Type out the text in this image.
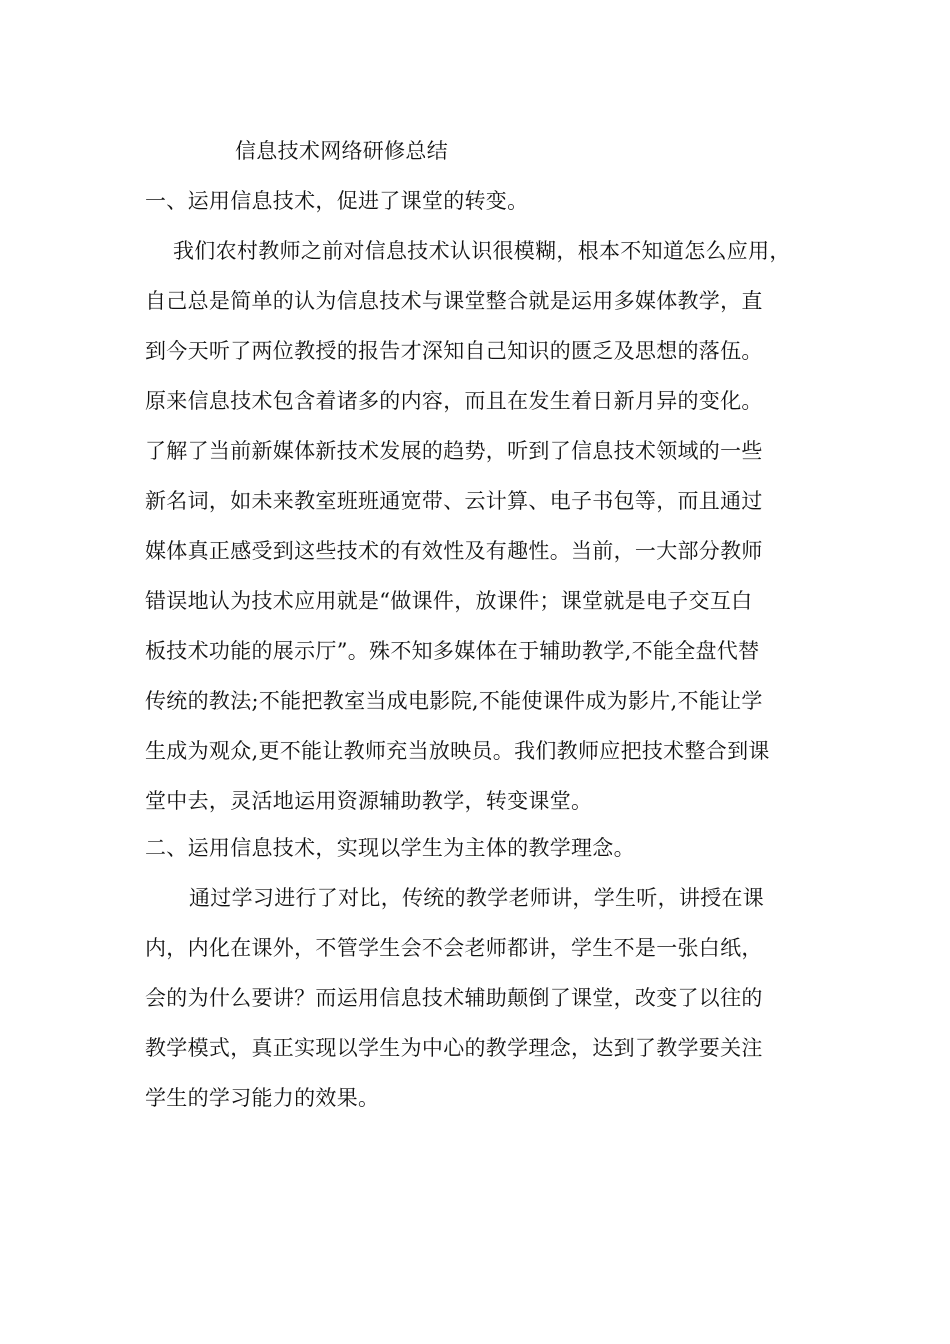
信息技术网络研修总结
一、运用信息技术，促进了课堂的转变。
我们农村教师之前对信息技术认识很模糊，根本不知道怎么应用，
自己总是简单的认为信息技术与课堂整合就是运用多媒体教学，直
到今天听了两位教授的报告才深知自己知识的匮乏及思想的落伍。
原来信息技术包含着诸多的内容，而且在发生着日新月异的变化。
了解了当前新媒体新技术发展的趋势，听到了信息技术领域的一些
新名词，如未来教室班班通宽带、云计算、电子书包等，而且通过
媒体真正感受到这些技术的有效性及有趣性。当前，一大部分教师
错误地认为技术应用就是“做课件，放课件；课堂就是电子交互白
板技术功能的展示厅”。殊不知多媒体在于辅助教学,不能全盘代替
传统的教法;不能把教室当成电影院,不能使课件成为影片,不能让学
生成为观众,更不能让教师充当放映员。我们教师应把技术整合到课
堂中去，灵活地运用资源辅助教学，转变课堂。
二、运用信息技术，实现以学生为主体的教学理念。
通过学习进行了对比，传统的教学老师讲，学生听，讲授在课
内，内化在课外，不管学生会不会老师都讲，学生不是一张白纸，
会的为什么要讲？而运用信息技术辅助颠倒了课堂，改变了以往的
教学模式，真正实现以学生为中心的教学理念，达到了教学要关注
学生的学习能力的效果。
